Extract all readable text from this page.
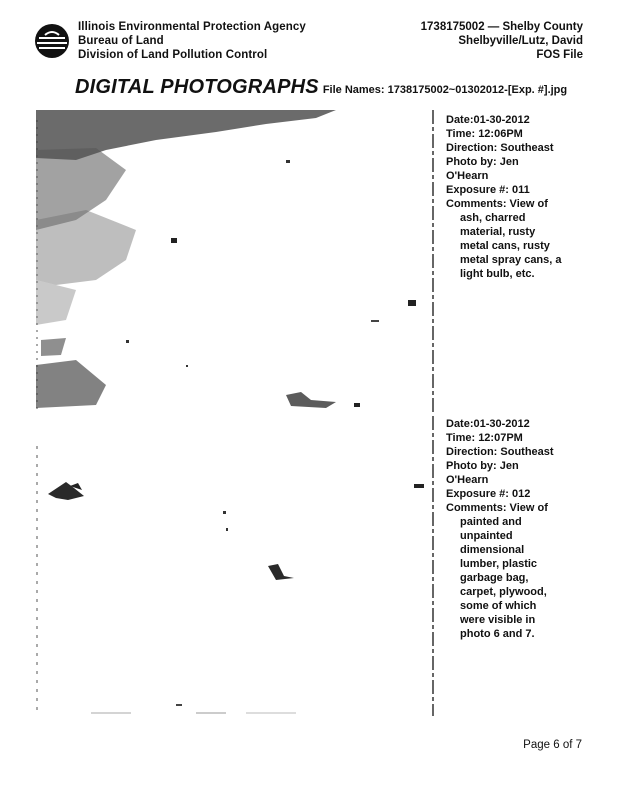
Illinois Environmental Protection Agency
Bureau of Land
Division of Land Pollution Control
1738175002 — Shelby County
Shelbyville/Lutz, David
FOS File
DIGITAL PHOTOGRAPHS File Names: 1738175002~01302012-[Exp. #].jpg
Date:01-30-2012
Time: 12:06PM
Direction: Southeast
Photo by: Jen
O'Hearn
Exposure #: 011
Comments: View of
ash, charred material, rusty metal cans, rusty metal spray cans, a light bulb, etc.
Date:01-30-2012
Time: 12:07PM
Direction: Southeast
Photo by: Jen
O'Hearn
Exposure #: 012
Comments: View of
painted and unpainted dimensional lumber, plastic garbage bag, carpet, plywood, some of which were visible in photo 6 and 7.
Page 6 of 7
